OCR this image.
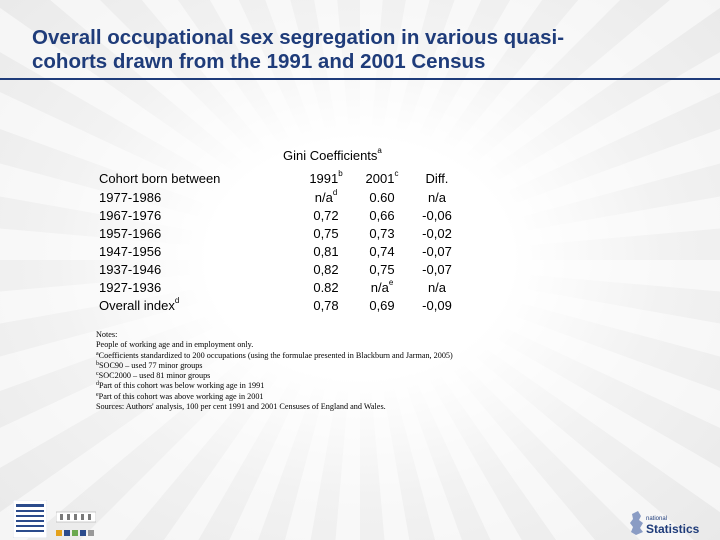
Overall occupational sex segregation in various quasi-
cohorts drawn from the 1991 and 2001 Census
Gini Coefficients$^a$
Cohort born between	1991$^b$	2001$^c$	Diff.
1977-1986	$n/a^d$	0.60	n/a
1967-1976	0,72	0,66	-0,06
1957-1966	0,75	0,73	-0,02
1947-1956	0,81	0,74	-0,07
1937-1946	0,82	0,75	-0,07
1927-1936	0.82	$n/a^e$	n/a
Overall index$^d$	0,78	0,69	-0,09
Notes:
People of working age and in employment only.
$^a$Coefficients standardized to 200 occupations (using the formulae presented in Blackburn and Jarman, 2005)
$^b$SOC90 – used 77 minor groups
$^c$SOC2000 – used 81 minor groups
$^d$Part of this cohort was below working age in 1991
$^e$Part of this cohort was above working age in 2001
Sources: Authors' analysis, 100 per cent 1991 and 2001 Censuses of England and Wales.
national
Statistics
